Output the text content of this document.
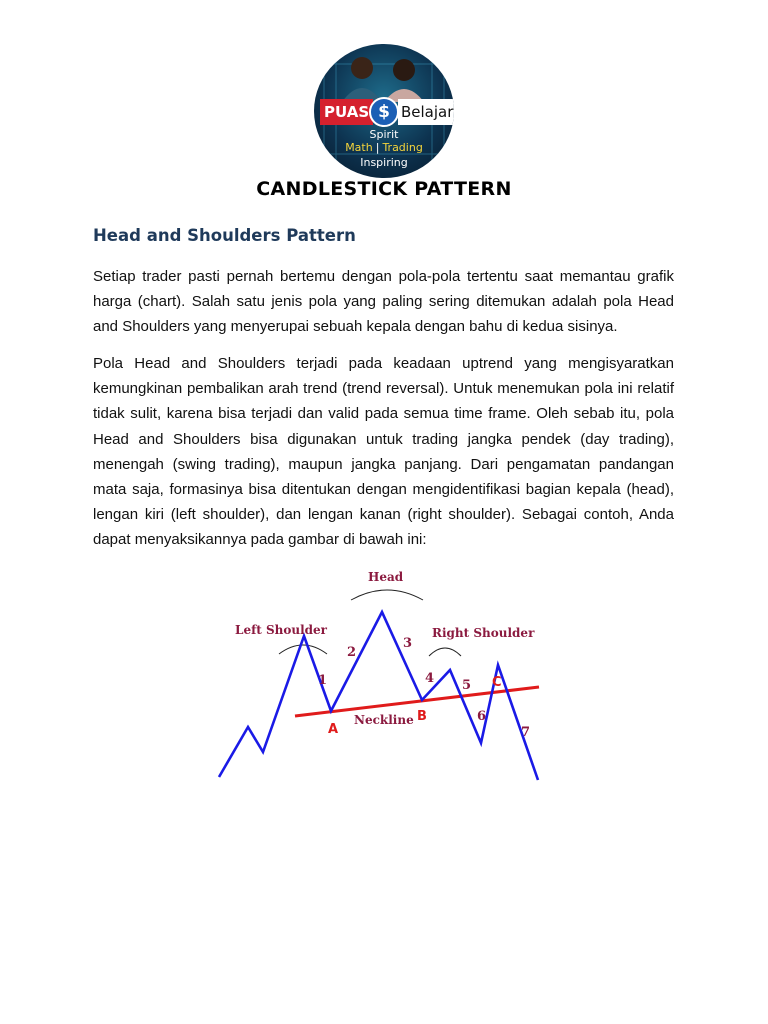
PUAS $ Belajar
Spirit
Math | Trading
Inspiring
CANDLESTICK PATTERN
Head and Shoulders Pattern

Setiap trader pasti pernah bertemu dengan pola-pola tertentu saat memantau grafik harga (chart). Salah satu jenis pola yang paling sering ditemukan adalah pola Head and Shoulders yang menyerupai sebuah kepala dengan bahu di kedua sisinya.

Pola Head and Shoulders terjadi pada keadaan uptrend yang mengisyaratkan kemungkinan pembalikan arah trend (trend reversal). Untuk menemukan pola ini relatif tidak sulit, karena bisa terjadi dan valid pada semua time frame. Oleh sebab itu, pola Head and Shoulders bisa digunakan untuk trading jangka pendek (day trading), menengah (swing trading), maupun jangka panjang. Dari pengamatan pandangan mata saja, formasinya bisa ditentukan dengan mengidentifikasi bagian kepala (head), lengan kiri (left shoulder), dan lengan kanan (right shoulder). Sebagai contoh, Anda dapat menyaksikannya pada gambar di bawah ini:

Head
Left Shoulder	Right Shoulder
Neckline
1
2
3
4 5
6
7
A
B
C
